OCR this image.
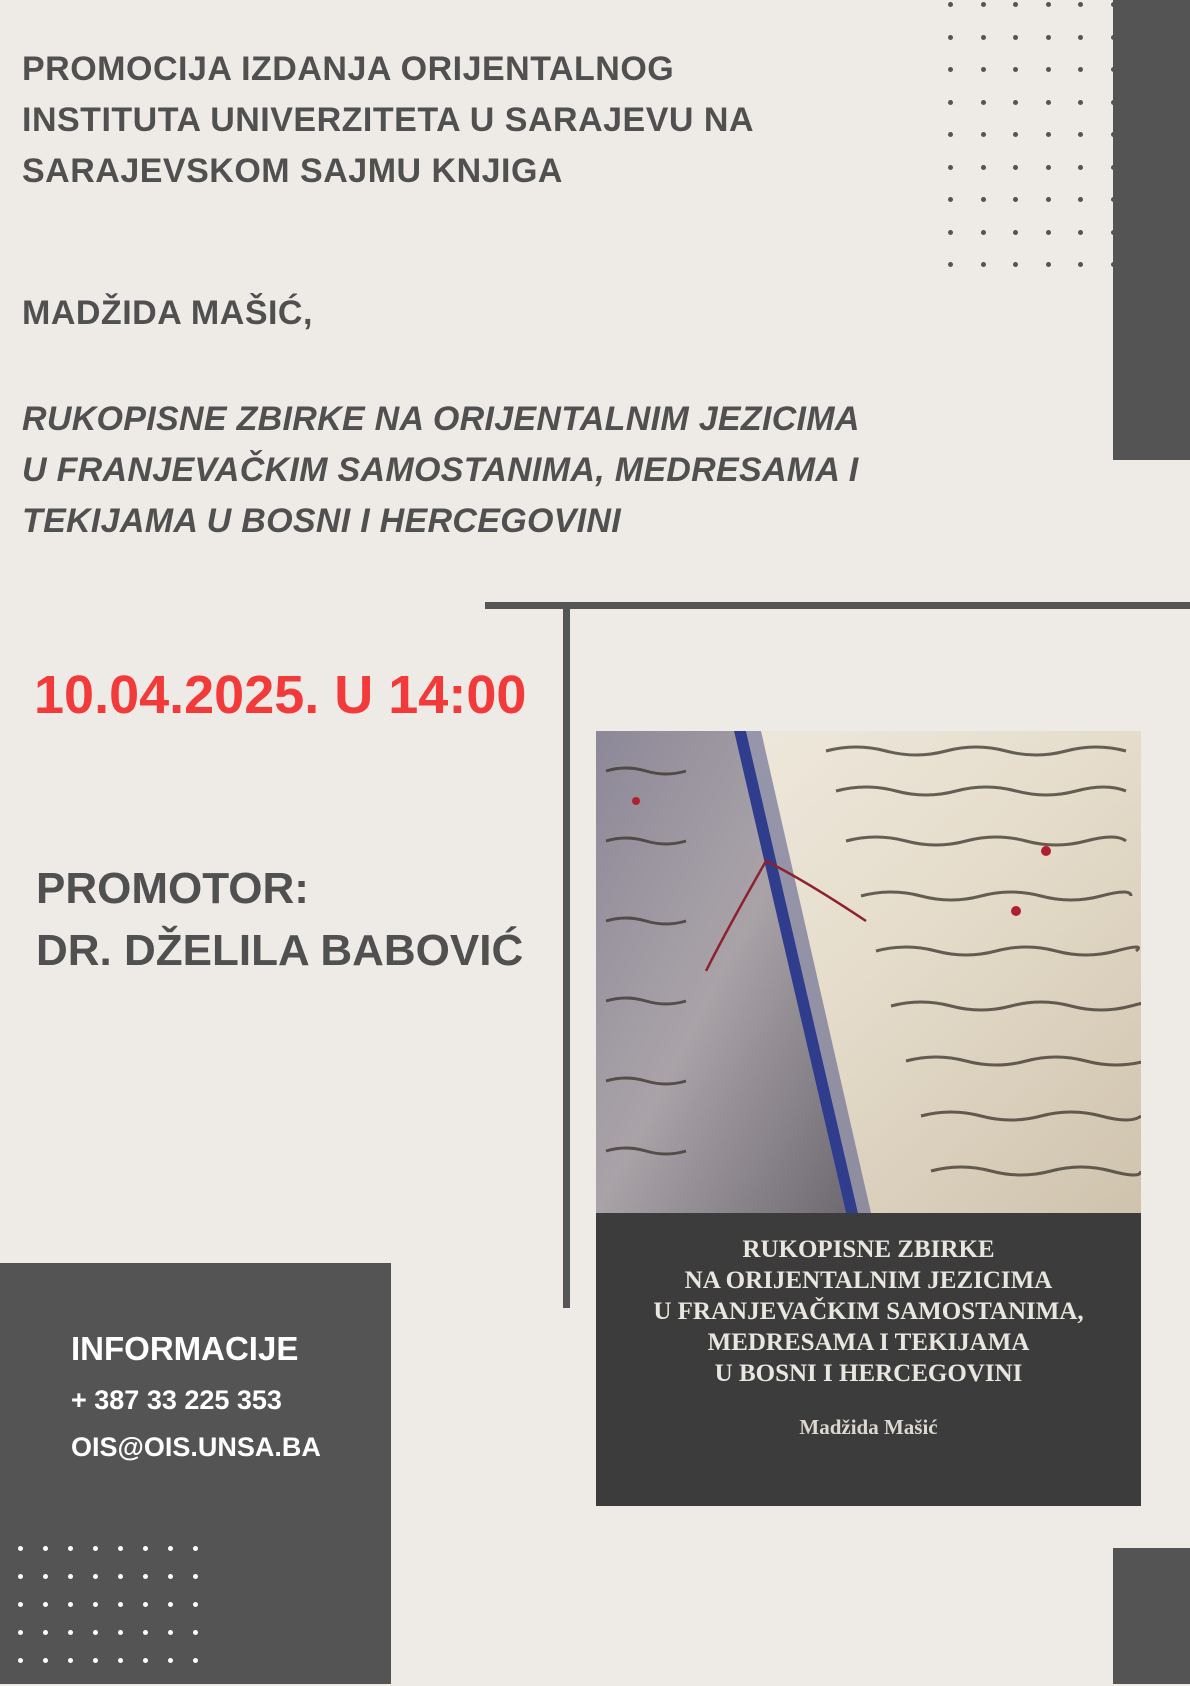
PROMOCIJA IZDANJA ORIJENTALNOG
INSTITUTA UNIVERZITETA U SARAJEVU NA
SARAJEVSKOM SAJMU KNJIGA
MADŽIDA MAŠIĆ,
RUKOPISNE ZBIRKE NA ORIJENTALNIM JEZICIMA
U FRANJEVAČKIM SAMOSTANIMA, MEDRESAMA I
TEKIJAMA U BOSNI I HERCEGOVINI
10.04.2025. U 14:00
PROMOTOR:
DR. DŽELILA BABOVIĆ
INFORMACIJE
+ 387 33 225 353
OIS@OIS.UNSA.BA
RUKOPISNE ZBIRKE
NA ORIJENTALNIM JEZICIMA
U FRANJEVAČKIM SAMOSTANIMA,
MEDRESAMA I TEKIJAMA
U BOSNI I HERCEGOVINI
Madžida Mašić
